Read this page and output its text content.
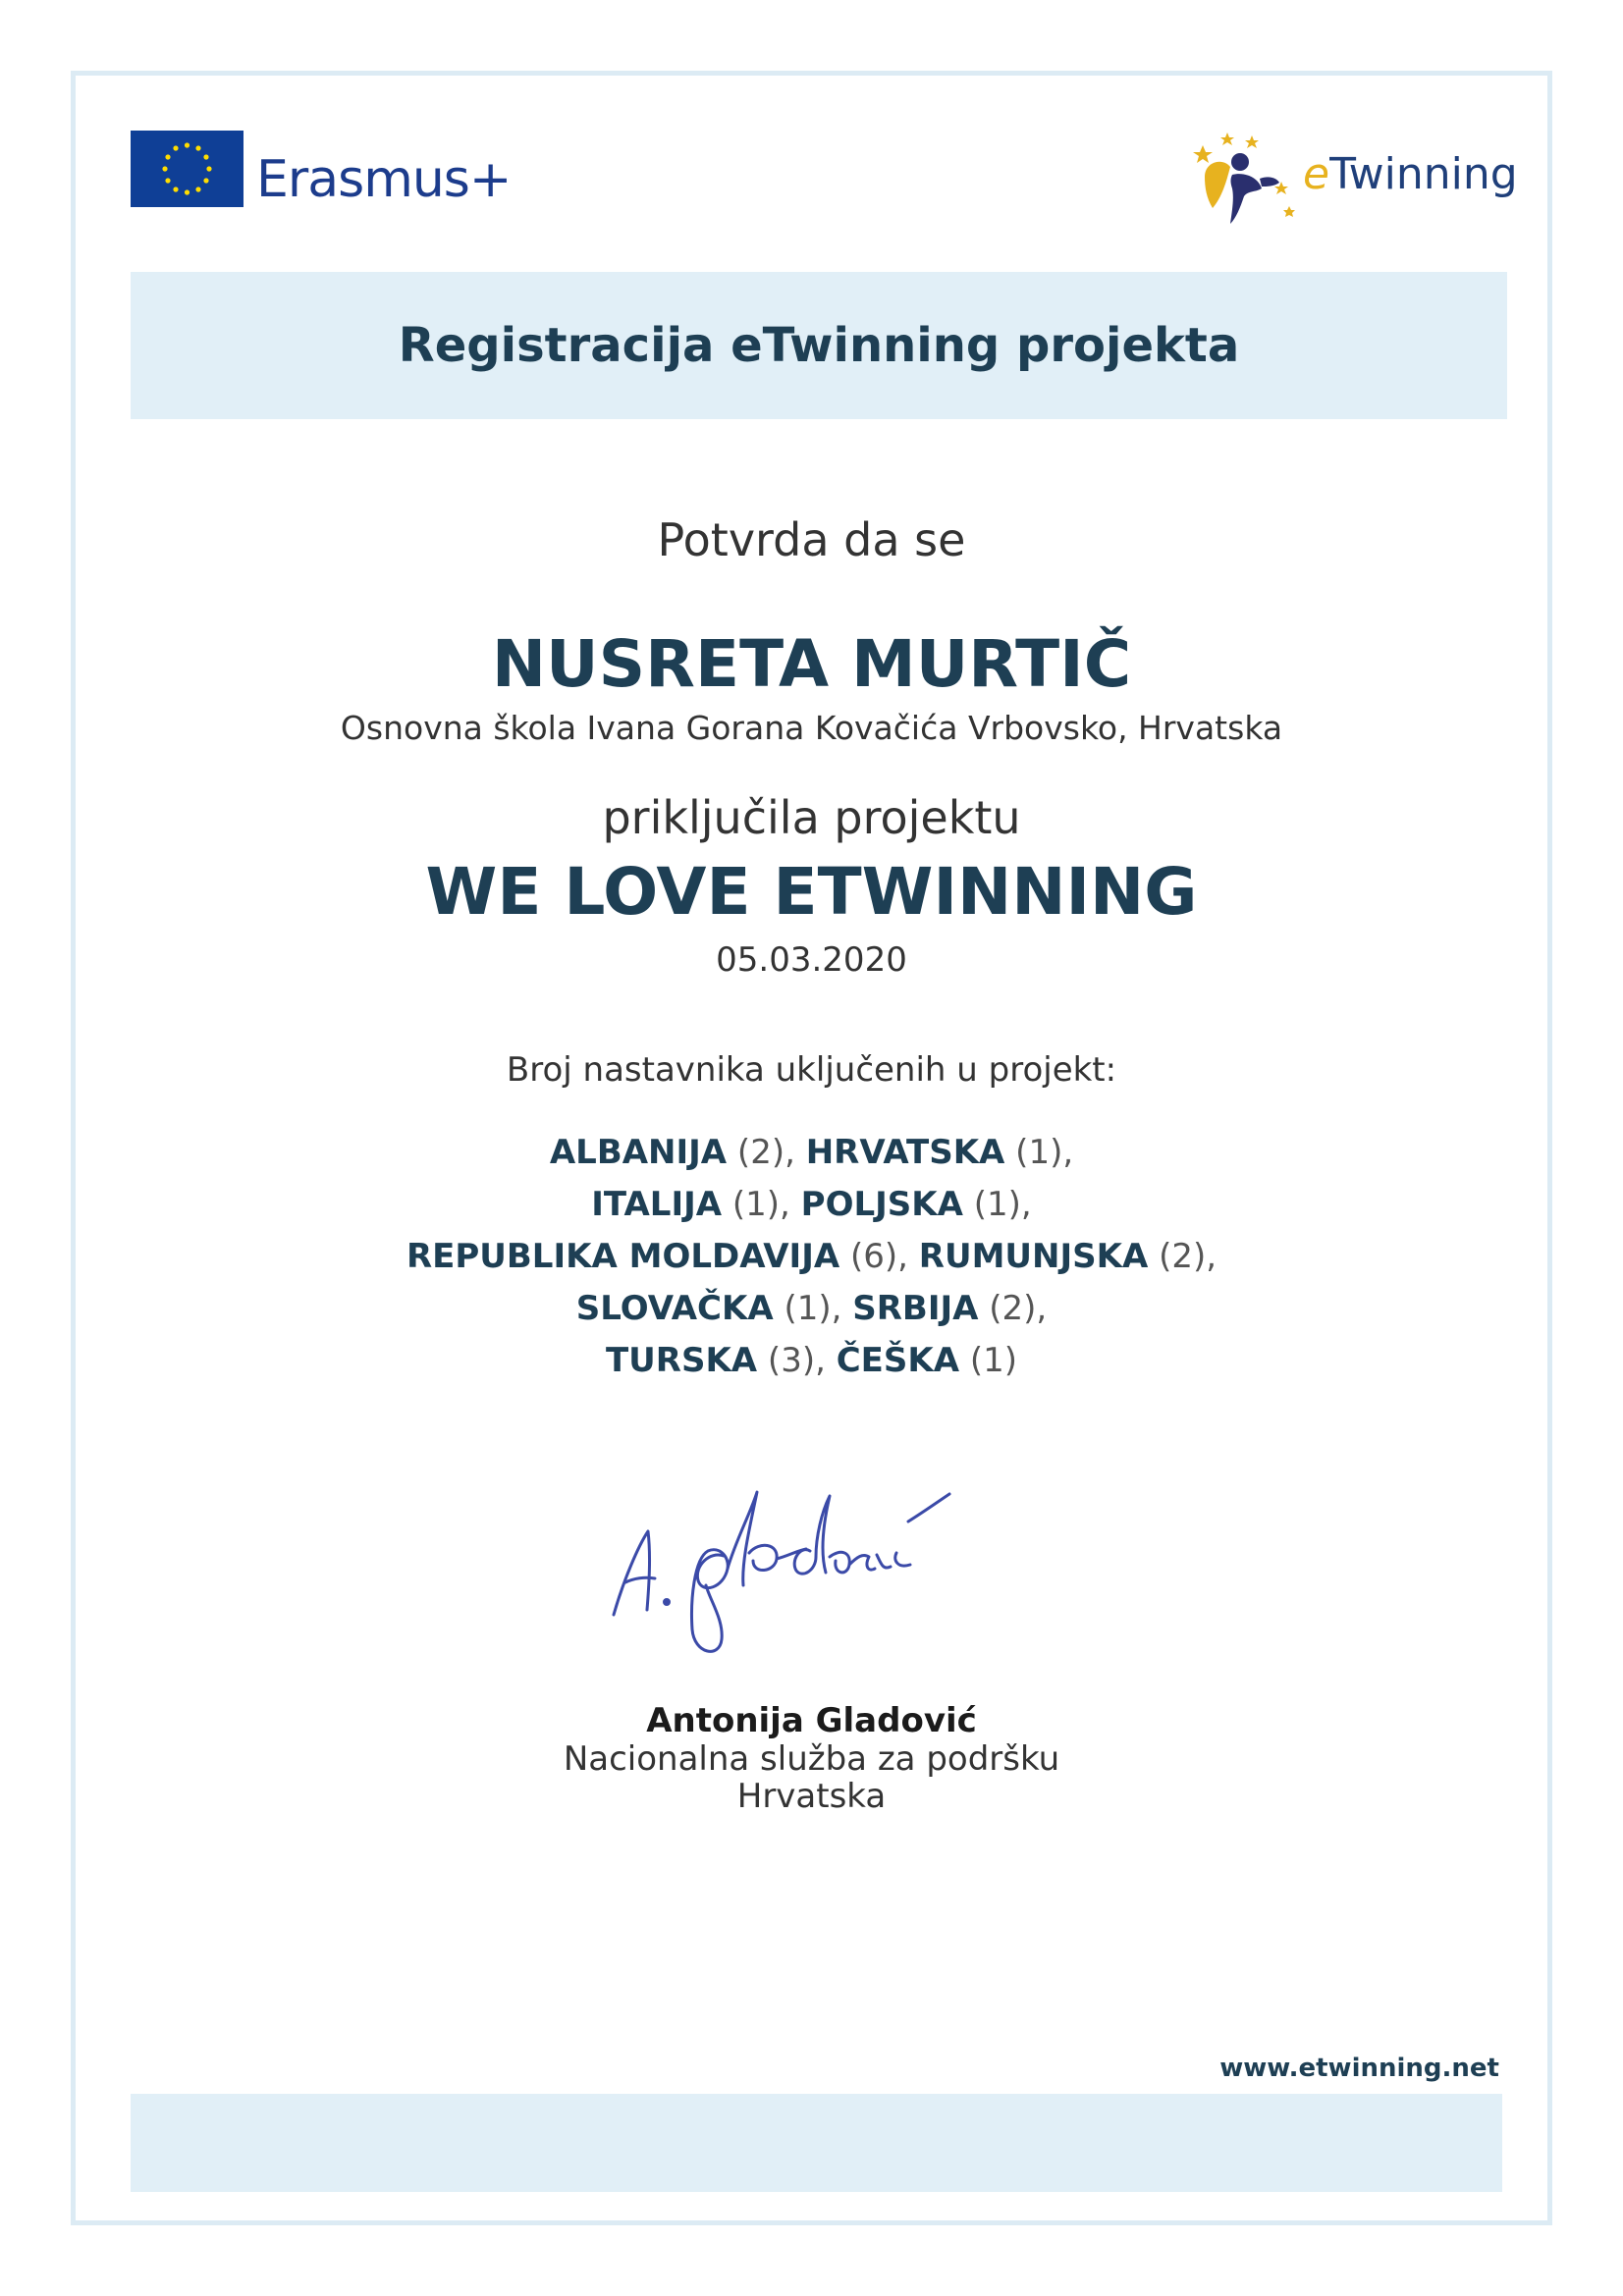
Erasmus+	eTwinning
Registracija eTwinning projekta
Potvrda da se
NUSRETA MURTIČ
Osnovna škola Ivana Gorana Kovačića Vrbovsko, Hrvatska
priključila projektu
WE LOVE ETWINNING
05.03.2020
Broj nastavnika uključenih u projekt:
ALBANIJA (2), HRVATSKA (1),
ITALIJA (1), POLJSKA (1),
REPUBLIKA MOLDAVIJA (6), RUMUNJSKA (2),
SLOVAČKA (1), SRBIJA (2),
TURSKA (3), ČEŠKA (1)
Antonija Gladović
Nacionalna služba za podršku
Hrvatska
www.etwinning.net
